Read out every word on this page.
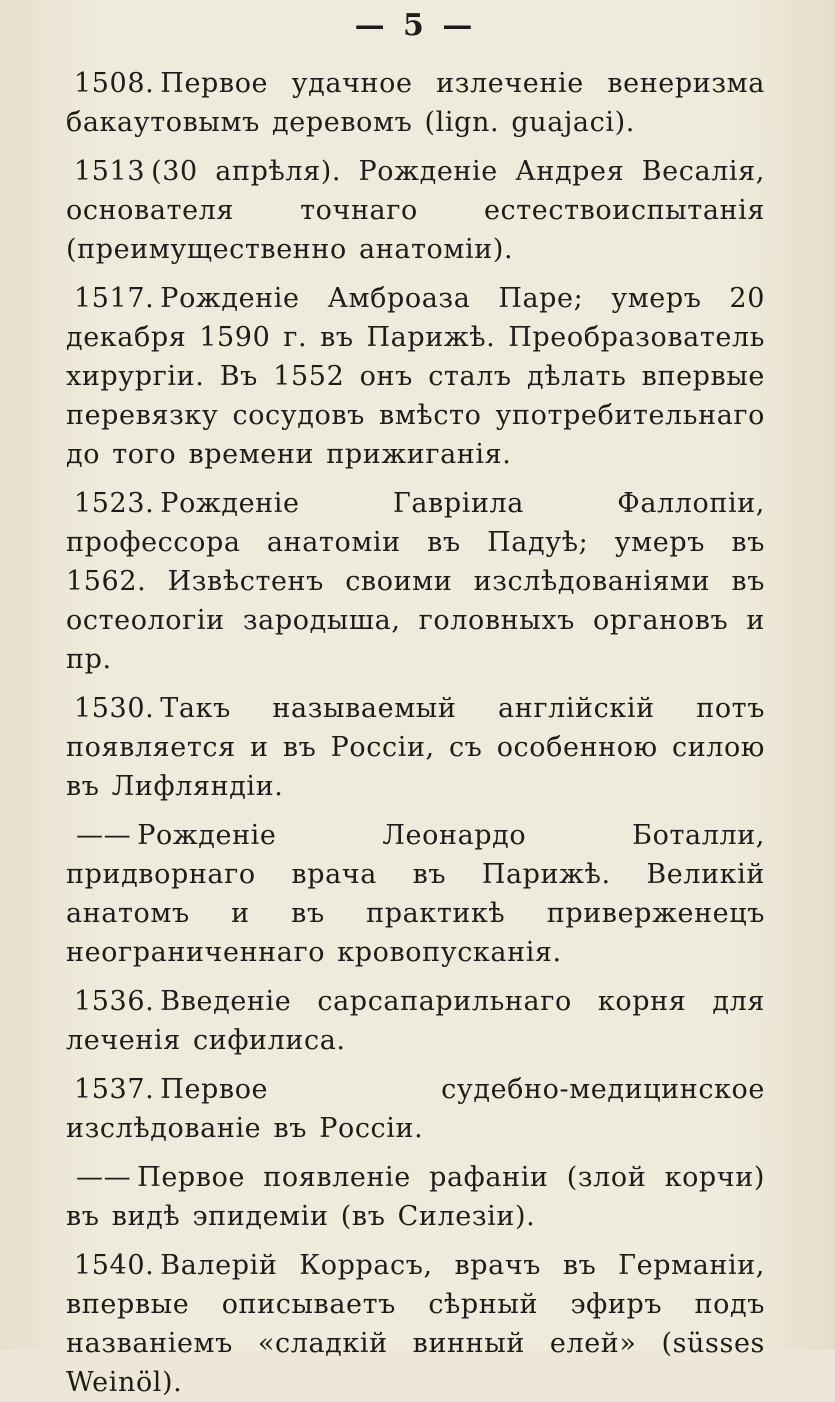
— 5 —

1508. Первое удачное излеченіе венеризма бакаутовымъ деревомъ (lign. guajaci).

1513 (30 апрѣля). Рожденіе Андрея Весалія, основателя точнаго естествоиспытанія (преимущественно анатоміи).

1517. Рожденіе Амброаза Паре; умеръ 20 декабря 1590 г. въ Парижѣ. Преобразователь хирургіи. Въ 1552 онъ сталъ дѣлать впервые перевязку сосудовъ вмѣсто употребительнаго до того времени прижиганія.

1523. Рожденіе Гавріила Фаллопіи, профессора анатоміи въ Падуѣ; умеръ въ 1562. Извѣстенъ своими изслѣдованіями въ остеологіи зародыша, головныхъ органовъ и пр.

1530. Такъ называемый англійскій потъ появляется и въ Россіи, съ особенною силою въ Лифляндіи.

—— Рожденіе Леонардо Боталли, придворнаго врача въ Парижѣ. Великій анатомъ и въ практикѣ приверженецъ неограниченнаго кровопусканія.

1536. Введеніе сарсапарильнаго корня для леченія сифилиса.

1537. Первое судебно-медицинское изслѣдованіе въ Россіи.

—— Первое появленіе рафаніи (злой корчи) въ видѣ эпидеміи (въ Силезіи).

1540. Валерій Коррасъ, врачъ въ Германіи, впервые описываетъ сѣрный эфиръ подъ названіемъ «сладкій винный елей» (süsses Weinöl).
